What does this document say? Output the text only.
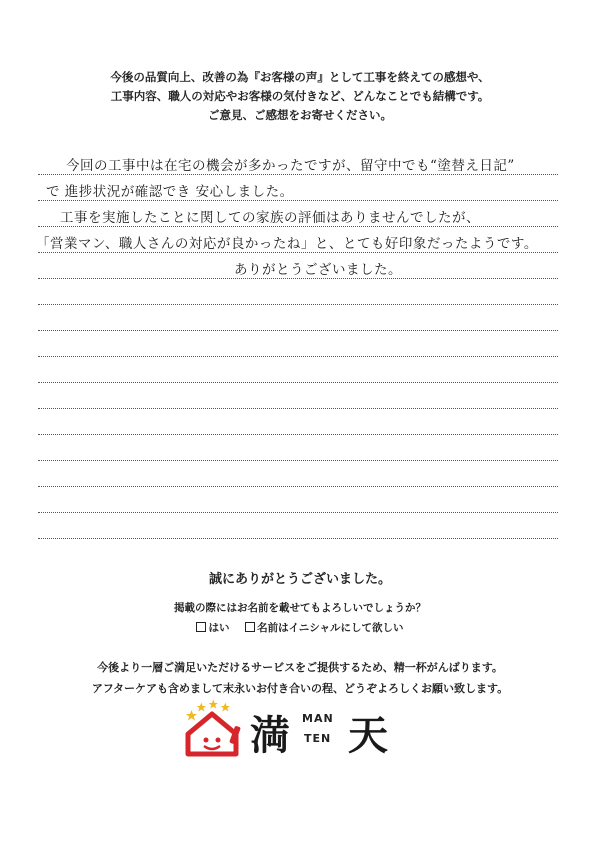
今後の品質向上、改善の為『お客様の声』として工事を終えての感想や、
工事内容、職人の対応やお客様の気付きなど、どんなことでも結構です。
ご意見、ご感想をお寄せください。
今回の工事中は在宅の機会が多かったですが、留守中でも“塗替え日記”
で 進捗状況が確認でき 安心しました。
　工事を実施したことに関しての家族の評価はありませんでしたが、
「営業マン、職人さんの対応が良かったね」と、とても好印象だったようです。
　　　　　　　　　　　　　　ありがとうございました。
誠にありがとうございました。
掲載の際にはお名前を載せてもよろしいでしょうか？
はい	名前はイニシャルにして欲しい
今後より一層ご満足いただけるサービスをご提供するため、精一杯がんばります。
アフターケアも含めまして末永いお付き合いの程、どうぞよろしくお願い致します。
満 MAN
TEN 天
